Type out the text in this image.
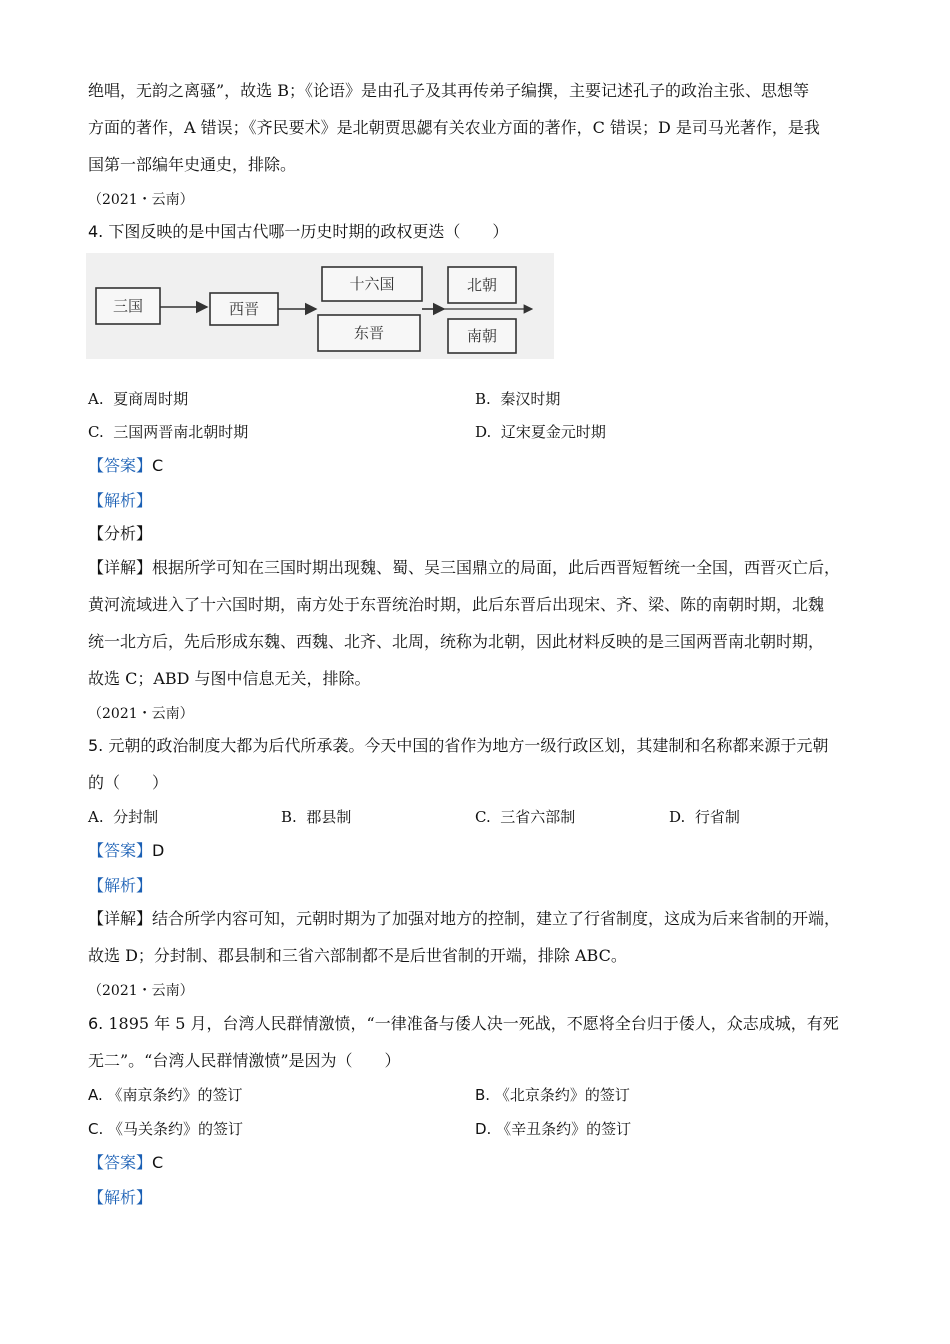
绝唱，无韵之离骚”，故选 B；《论语》是由孔子及其再传弟子编撰，主要记述孔子的政治主张、思想等
方面的著作，A 错误；《齐民要术》是北朝贾思勰有关农业方面的著作，C 错误；D 是司马光著作，是我
国第一部编年史通史，排除。
（2021・云南）
4. 下图反映的是中国古代哪一历史时期的政权更迭（　　）
三国	西晋
十六国
东晋
北朝
南朝
A. 夏商周时期	B. 秦汉时期
C. 三国两晋南北朝时期	D. 辽宋夏金元时期
【答案】C
【解析】
【分析】
【详解】根据所学可知在三国时期出现魏、蜀、吴三国鼎立的局面，此后西晋短暂统一全国，西晋灭亡后，
黄河流域进入了十六国时期，南方处于东晋统治时期，此后东晋后出现宋、齐、梁、陈的南朝时期，北魏
统一北方后，先后形成东魏、西魏、北齐、北周，统称为北朝，因此材料反映的是三国两晋南北朝时期，
故选 C；ABD 与图中信息无关，排除。
（2021・云南）
5. 元朝的政治制度大都为后代所承袭。今天中国的省作为地方一级行政区划，其建制和名称都来源于元朝
的（　　）
A. 分封制	B. 郡县制	C. 三省六部制	D. 行省制
【答案】D
【解析】
【详解】结合所学内容可知，元朝时期为了加强对地方的控制，建立了行省制度，这成为后来省制的开端，
故选 D；分封制、郡县制和三省六部制都不是后世省制的开端，排除 ABC。
（2021・云南）
6. 1895 年 5 月，台湾人民群情激愤，“一律准备与倭人决一死战，不愿将全台归于倭人，众志成城，有死
无二”。“台湾人民群情激愤”是因为（　　）
A. 《南京条约》的签订	B. 《北京条约》的签订
C. 《马关条约》的签订	D. 《辛丑条约》的签订
【答案】C
【解析】
